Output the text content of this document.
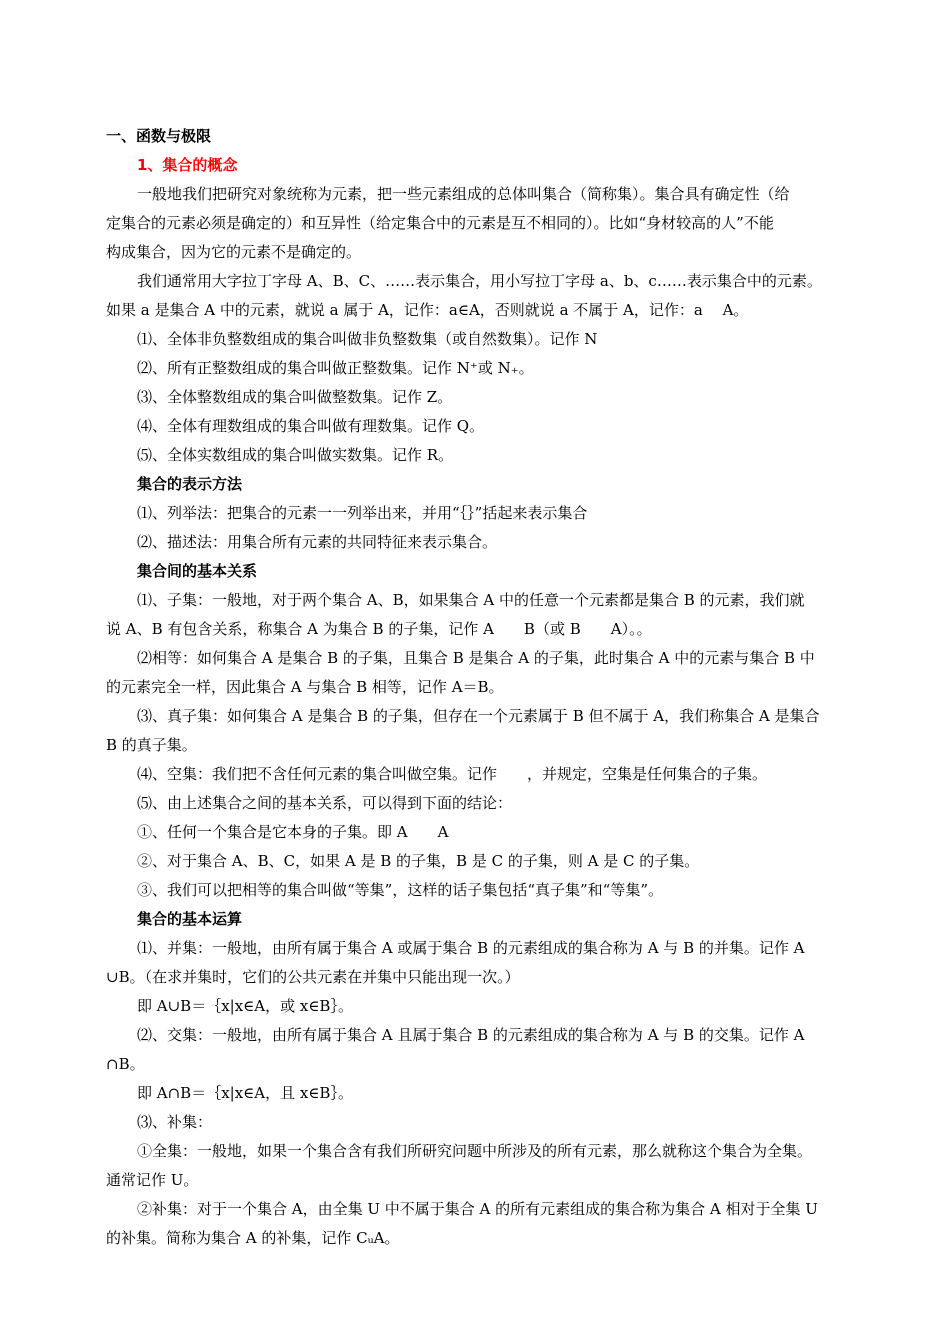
一、函数与极限
1、集合的概念
一般地我们把研究对象统称为元素，把一些元素组成的总体叫集合（简称集）。集合具有确定性（给
定集合的元素必须是确定的）和互异性（给定集合中的元素是互不相同的）。比如“身材较高的人”不能
构成集合，因为它的元素不是确定的。
我们通常用大字拉丁字母 A、B、C、……表示集合，用小写拉丁字母 a、b、c……表示集合中的元素。
如果 a 是集合 A 中的元素，就说 a 属于 A，记作：a∈A，否则就说 a 不属于 A，记作：a　 A。
⑴、全体非负整数组成的集合叫做非负整数集（或自然数集）。记作 N
⑵、所有正整数组成的集合叫做正整数集。记作 N⁺或 N₊。
⑶、全体整数组成的集合叫做整数集。记作 Z。
⑷、全体有理数组成的集合叫做有理数集。记作 Q。
⑸、全体实数组成的集合叫做实数集。记作 R。
集合的表示方法
⑴、列举法：把集合的元素一一列举出来，并用“｛｝”括起来表示集合
⑵、描述法：用集合所有元素的共同特征来表示集合。
集合间的基本关系
⑴、子集：一般地，对于两个集合 A、B，如果集合 A 中的任意一个元素都是集合 B 的元素，我们就
说 A、B 有包含关系，称集合 A 为集合 B 的子集，记作 A　　B（或 B　　A）。。
⑵相等：如何集合 A 是集合 B 的子集，且集合 B 是集合 A 的子集，此时集合 A 中的元素与集合 B 中
的元素完全一样，因此集合 A 与集合 B 相等，记作 A＝B。
⑶、真子集：如何集合 A 是集合 B 的子集，但存在一个元素属于 B 但不属于 A，我们称集合 A 是集合
B 的真子集。
⑷、空集：我们把不含任何元素的集合叫做空集。记作　　，并规定，空集是任何集合的子集。
⑸、由上述集合之间的基本关系，可以得到下面的结论：
①、任何一个集合是它本身的子集。即 A　　A
②、对于集合 A、B、C，如果 A 是 B 的子集，B 是 C 的子集，则 A 是 C 的子集。
③、我们可以把相等的集合叫做“等集”，这样的话子集包括“真子集”和“等集”。
集合的基本运算
⑴、并集：一般地，由所有属于集合 A 或属于集合 B 的元素组成的集合称为 A 与 B 的并集。记作 A
∪B。（在求并集时，它们的公共元素在并集中只能出现一次。）
即 A∪B＝｛x|x∈A，或 x∈B｝。
⑵、交集：一般地，由所有属于集合 A 且属于集合 B 的元素组成的集合称为 A 与 B 的交集。记作 A
∩B。
即 A∩B＝｛x|x∈A，且 x∈B｝。
⑶、补集：
①全集：一般地，如果一个集合含有我们所研究问题中所涉及的所有元素，那么就称这个集合为全集。
通常记作 U。
②补集：对于一个集合 A，由全集 U 中不属于集合 A 的所有元素组成的集合称为集合 A 相对于全集 U
的补集。简称为集合 A 的补集，记作 CᵤA。
